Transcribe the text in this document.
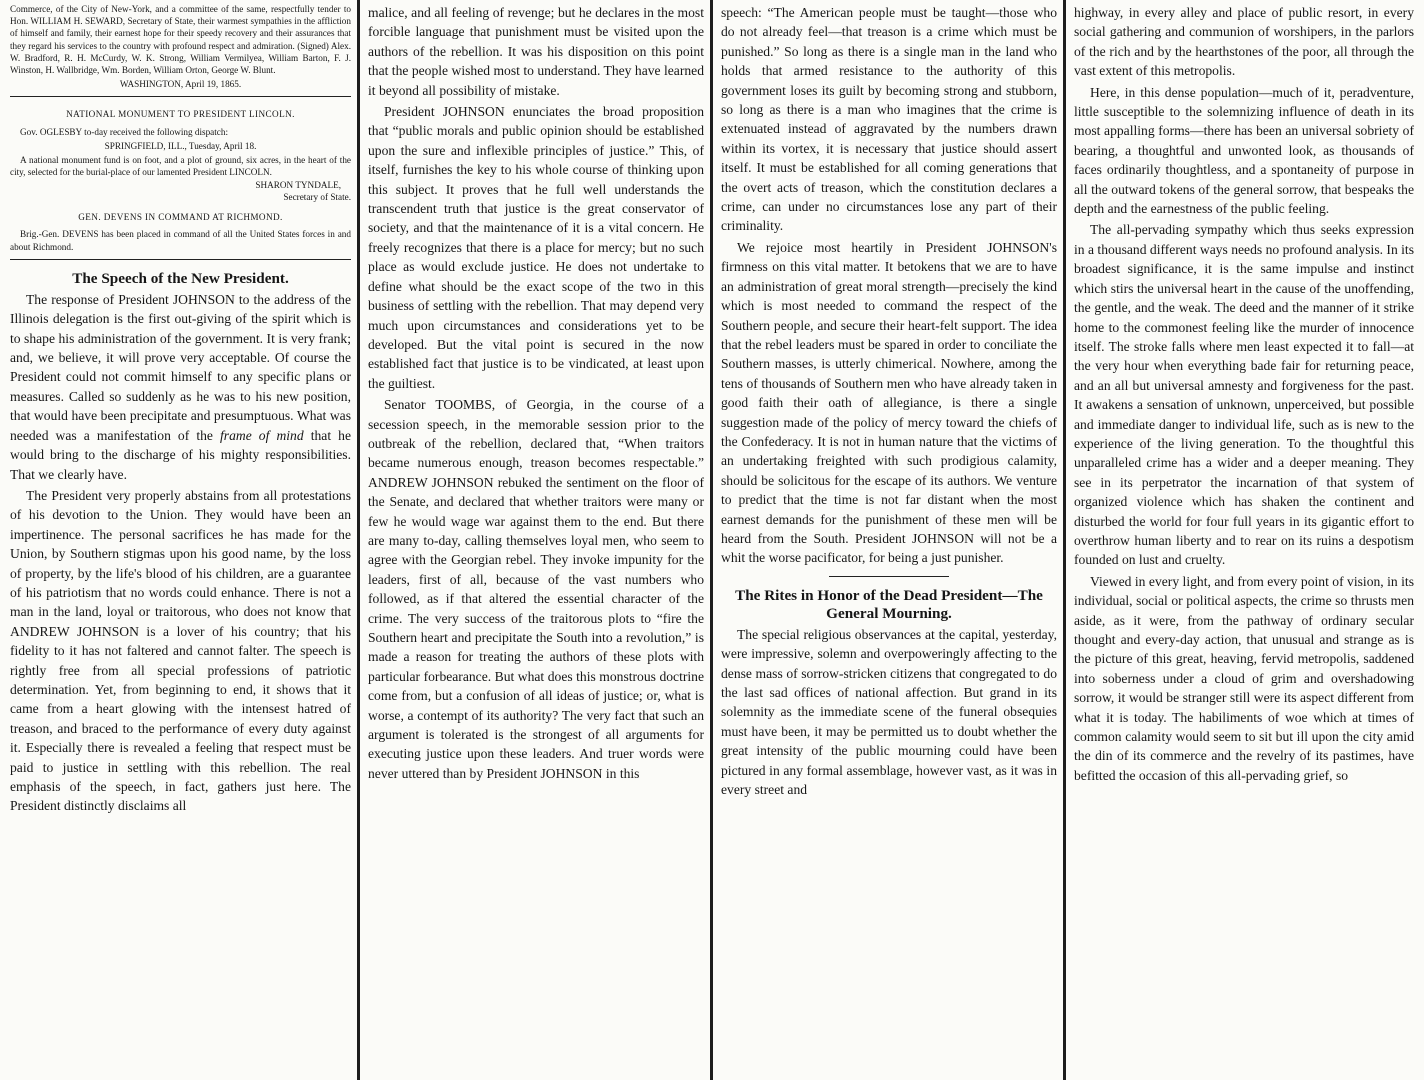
Commerce, of the City of New-York, and a committee of the same, respectfully tender to Hon. WILLIAM H. SEWARD, Secretary of State, their warmest sympathies in the affliction of himself and family, their earnest hope for their speedy recovery and their assurances that they regard his services to the country with profound respect and admiration. (Signed) Alex. W. Bradford, R. H. McCurdy, W. K. Strong, William Vermilyea, William Barton, F. J. Winston, H. Wallbridge, Wm. Borden, William Orton, George W. Blunt.

WASHINGTON, April 19, 1865.
NATIONAL MONUMENT TO PRESIDENT LINCOLN.

Gov. OGLESBY to-day received the following dispatch:

SPRINGFIELD, ILL., Tuesday, April 18.

A national monument fund is on foot, and a plot of ground, six acres, in the heart of the city, selected for the burial-place of our lamented President LINCOLN.

SHARON TYNDALE,
Secretary of State.
GEN. DEVENS IN COMMAND AT RICHMOND.

Brig.-Gen. DEVENS has been placed in command of all the United States forces in and about Richmond.

The Speech of the New President.

The response of President JOHNSON to the address of the Illinois delegation is the first out-giving of the spirit which is to shape his administration of the government. It is very frank; and, we believe, it will prove very acceptable. Of course the President could not commit himself to any specific plans or measures. Called so suddenly as he was to his new position, that would have been precipitate and presumptuous. What was needed was a manifestation of the frame of mind that he would bring to the discharge of his mighty responsibilities. That we clearly have.

The President very properly abstains from all protestations of his devotion to the Union. They would have been an impertinence. The personal sacrifices he has made for the Union, by Southern stigmas upon his good name, by the loss of property, by the life's blood of his children, are a guarantee of his patriotism that no words could enhance. There is not a man in the land, loyal or traitorous, who does not know that ANDREW JOHNSON is a lover of his country; that his fidelity to it has not faltered and cannot falter. The speech is rightly free from all special professions of patriotic determination. Yet, from beginning to end, it shows that it came from a heart glowing with the intensest hatred of treason, and braced to the performance of every duty against it. Especially there is revealed a feeling that respect must be paid to justice in settling with this rebellion. The real emphasis of the speech, in fact, gathers just here. The President distinctly disclaims all

malice, and all feeling of revenge; but he declares in the most forcible language that punishment must be visited upon the authors of the rebellion. It was his disposition on this point that the people wished most to understand. They have learned it beyond all possibility of mistake.

President JOHNSON enunciates the broad proposition that “public morals and public opinion should be established upon the sure and inflexible principles of justice.” This, of itself, furnishes the key to his whole course of thinking upon this subject. It proves that he full well understands the transcendent truth that justice is the great conservator of society, and that the maintenance of it is a vital concern. He freely recognizes that there is a place for mercy; but no such place as would exclude justice. He does not undertake to define what should be the exact scope of the two in this business of settling with the rebellion. That may depend very much upon circumstances and considerations yet to be developed. But the vital point is secured in the now established fact that justice is to be vindicated, at least upon the guiltiest.

Senator TOOMBS, of Georgia, in the course of a secession speech, in the memorable session prior to the outbreak of the rebellion, declared that, “When traitors became numerous enough, treason becomes respectable.” ANDREW JOHNSON rebuked the sentiment on the floor of the Senate, and declared that whether traitors were many or few he would wage war against them to the end. But there are many to-day, calling themselves loyal men, who seem to agree with the Georgian rebel. They invoke impunity for the leaders, first of all, because of the vast numbers who followed, as if that altered the essential character of the crime. The very success of the traitorous plots to “fire the Southern heart and precipitate the South into a revolution,” is made a reason for treating the authors of these plots with particular forbearance. But what does this monstrous doctrine come from, but a confusion of all ideas of justice; or, what is worse, a contempt of its authority? The very fact that such an argument is tolerated is the strongest of all arguments for executing justice upon these leaders. And truer words were never uttered than by President JOHNSON in this

speech: “The American people must be taught—those who do not already feel—that treason is a crime which must be punished.” So long as there is a single man in the land who holds that armed resistance to the authority of this government loses its guilt by becoming strong and stubborn, so long as there is a man who imagines that the crime is extenuated instead of aggravated by the numbers drawn within its vortex, it is necessary that justice should assert itself. It must be established for all coming generations that the overt acts of treason, which the constitution declares a crime, can under no circumstances lose any part of their criminality.

We rejoice most heartily in President JOHNSON's firmness on this vital matter. It betokens that we are to have an administration of great moral strength—precisely the kind which is most needed to command the respect of the Southern people, and secure their heart-felt support. The idea that the rebel leaders must be spared in order to conciliate the Southern masses, is utterly chimerical. Nowhere, among the tens of thousands of Southern men who have already taken in good faith their oath of allegiance, is there a single suggestion made of the policy of mercy toward the chiefs of the Confederacy. It is not in human nature that the victims of an undertaking freighted with such prodigious calamity, should be solicitous for the escape of its authors. We venture to predict that the time is not far distant when the most earnest demands for the punishment of these men will be heard from the South. President JOHNSON will not be a whit the worse pacificator, for being a just punisher.

The Rites in Honor of the Dead President—The General Mourning.

The special religious observances at the capital, yesterday, were impressive, solemn and overpoweringly affecting to the dense mass of sorrow-stricken citizens that congregated to do the last sad offices of national affection. But grand in its solemnity as the immediate scene of the funeral obsequies must have been, it may be permitted us to doubt whether the great intensity of the public mourning could have been pictured in any formal assemblage, however vast, as it was in every street and

highway, in every alley and place of public resort, in every social gathering and communion of worshipers, in the parlors of the rich and by the hearthstones of the poor, all through the vast extent of this metropolis.

Here, in this dense population—much of it, peradventure, little susceptible to the solemnizing influence of death in its most appalling forms—there has been an universal sobriety of bearing, a thoughtful and unwonted look, as thousands of faces ordinarily thoughtless, and a spontaneity of purpose in all the outward tokens of the general sorrow, that bespeaks the depth and the earnestness of the public feeling.

The all-pervading sympathy which thus seeks expression in a thousand different ways needs no profound analysis. In its broadest significance, it is the same impulse and instinct which stirs the universal heart in the cause of the unoffending, the gentle, and the weak. The deed and the manner of it strike home to the commonest feeling like the murder of innocence itself. The stroke falls where men least expected it to fall—at the very hour when everything bade fair for returning peace, and an all but universal amnesty and forgiveness for the past. It awakens a sensation of unknown, unperceived, but possible and immediate danger to individual life, such as is new to the experience of the living generation. To the thoughtful this unparalleled crime has a wider and a deeper meaning. They see in its perpetrator the incarnation of that system of organized violence which has shaken the continent and disturbed the world for four full years in its gigantic effort to overthrow human liberty and to rear on its ruins a despotism founded on lust and cruelty.

Viewed in every light, and from every point of vision, in its individual, social or political aspects, the crime so thrusts men aside, as it were, from the pathway of ordinary secular thought and every-day action, that unusual and strange as is the picture of this great, heaving, fervid metropolis, saddened into soberness under a cloud of grim and overshadowing sorrow, it would be stranger still were its aspect different from what it is today. The habiliments of woe which at times of common calamity would seem to sit but ill upon the city amid the din of its commerce and the revelry of its pastimes, have befitted the occasion of this all-pervading grief, so
